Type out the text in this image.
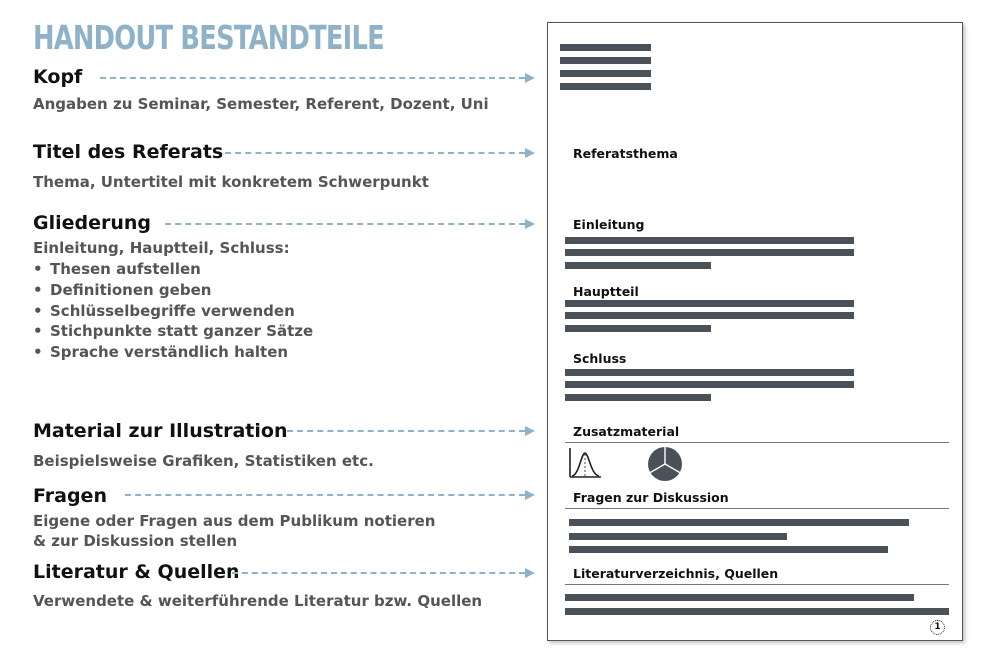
HANDOUT BESTANDTEILE
Kopf
Angaben zu Seminar, Semester, Referent, Dozent, Uni
Titel des Referats
Thema, Untertitel mit konkretem Schwerpunkt
Gliederung
Einleitung, Hauptteil, Schluss:
• Thesen aufstellen
• Definitionen geben
• Schlüsselbegriffe verwenden
• Stichpunkte statt ganzer Sätze
• Sprache verständlich halten
Material zur Illustration
Beispielsweise Grafiken, Statistiken etc.
Fragen
Eigene oder Fragen aus dem Publikum notieren
& zur Diskussion stellen
Literatur & Quellen
Verwendete & weiterführende Literatur bzw. Quellen
Referatsthema
Einleitung
Hauptteil
Schluss
Zusatzmaterial
Fragen zur Diskussion
Literaturverzeichnis, Quellen
1
